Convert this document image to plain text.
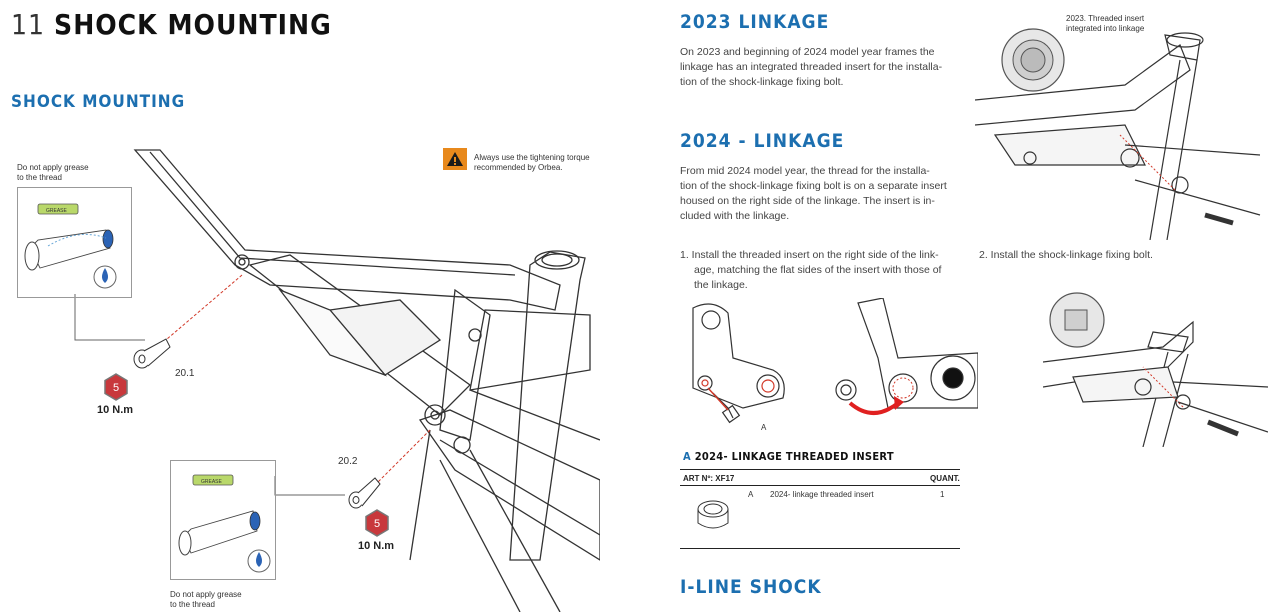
11 SHOCK MOUNTING
SHOCK MOUNTING
Always use the tightening torque
recommended by Orbea.
Do not apply grease
to the thread
GREASE
20.1
5
10 N.m
20.2
5
10 N.m
GREASE
Do not apply grease
to the thread
2023 LINKAGE
On 2023 and beginning of 2024 model year frames the
linkage has an integrated threaded insert for the installa-
tion of the shock-linkage fixing bolt.
2024 - LINKAGE
From mid 2024 model year, the thread for the installa-
tion of the shock-linkage fixing bolt is on a separate insert
housed on the right side of the linkage. The insert is in-
cluded with the linkage.
2023. Threaded insert
integrated into linkage
1. Install the threaded insert on the right side of the link-
age, matching the flat sides of the insert with those of
the linkage.
2. Install the shock-linkage fixing bolt.
A
A 2024- LINKAGE THREADED INSERT
ART Nº: XF17	QUANT.
A 2024- linkage threaded insert	1
I-LINE SHOCK
